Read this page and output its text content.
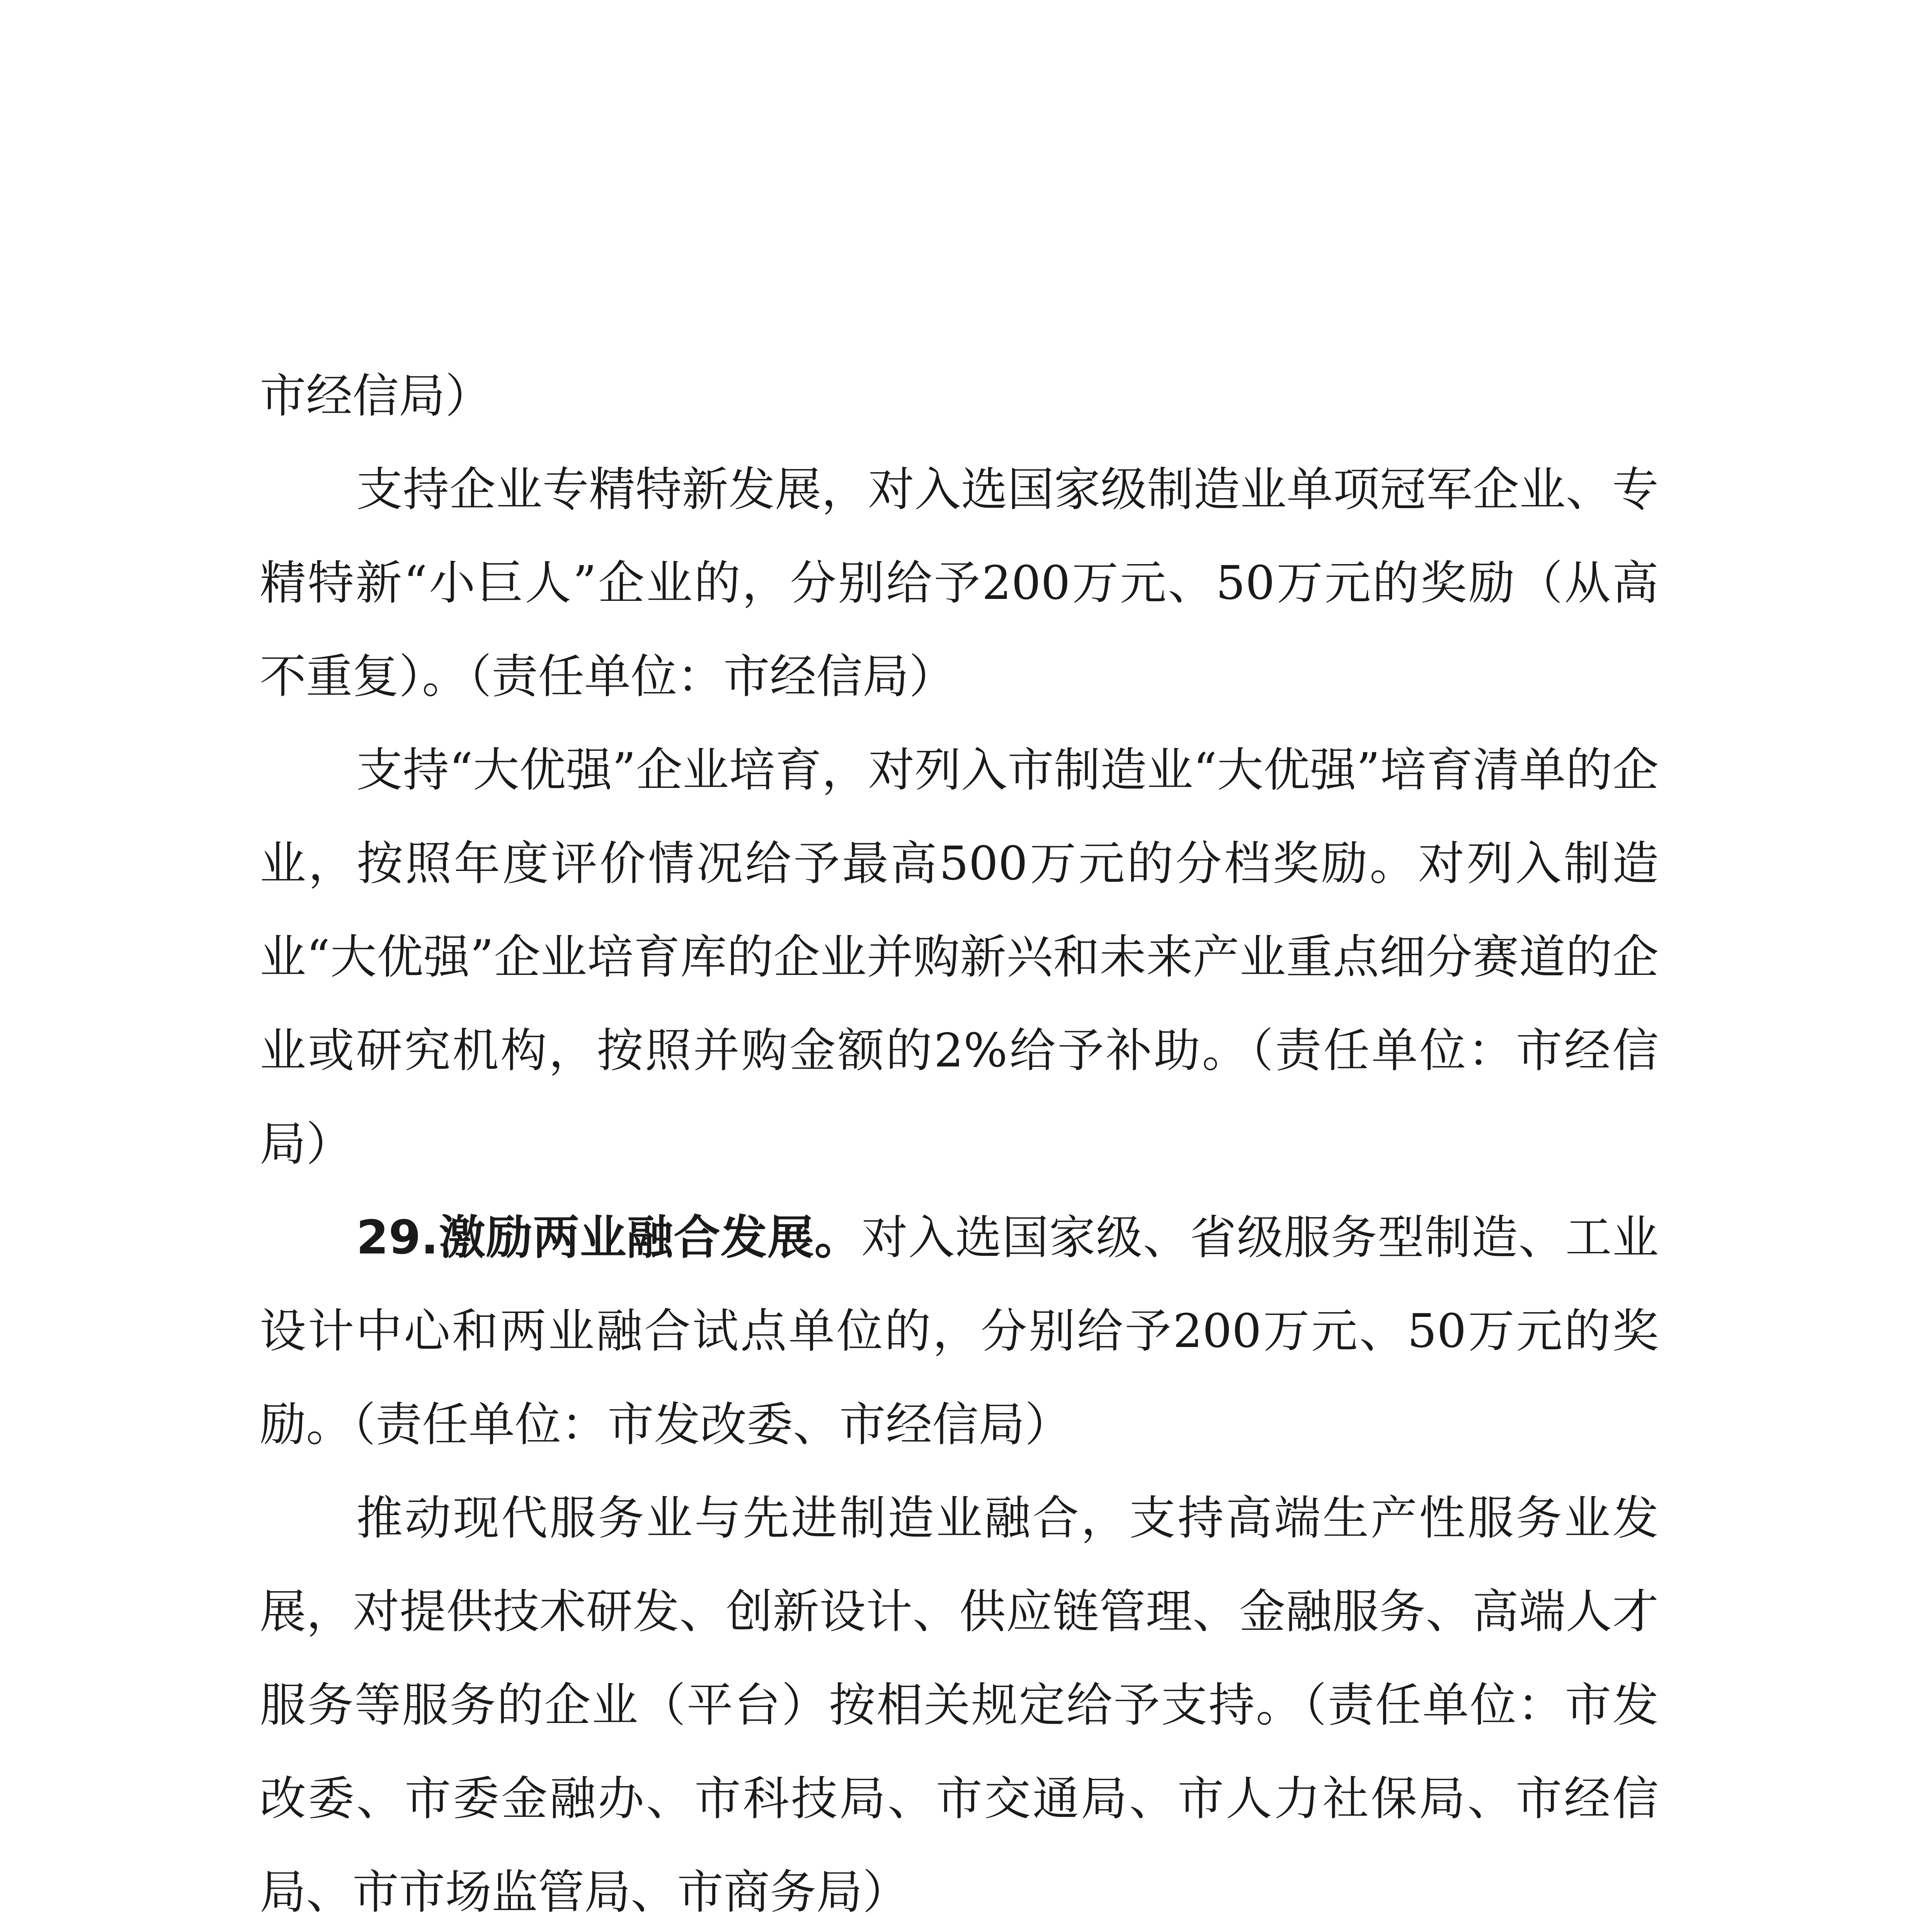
市经信局）

支持企业专精特新发展，对入选国家级制造业单项冠军企业、专精特新“小巨人”企业的，分别给予200万元、50万元的奖励（从高不重复）。（责任单位：市经信局）

支持“大优强”企业培育，对列入市制造业“大优强”培育清单的企业，按照年度评价情况给予最高500万元的分档奖励。对列入制造业“大优强”企业培育库的企业并购新兴和未来产业重点细分赛道的企业或研究机构，按照并购金额的2%给予补助。（责任单位：市经信局）

29.激励两业融合发展。对入选国家级、省级服务型制造、工业设计中心和两业融合试点单位的，分别给予200万元、50万元的奖励。（责任单位：市发改委、市经信局）

推动现代服务业与先进制造业融合，支持高端生产性服务业发展，对提供技术研发、创新设计、供应链管理、金融服务、高端人才服务等服务的企业（平台）按相关规定给予支持。（责任单位：市发改委、市委金融办、市科技局、市交通局、市人力社保局、市经信局、市市场监管局、市商务局）
